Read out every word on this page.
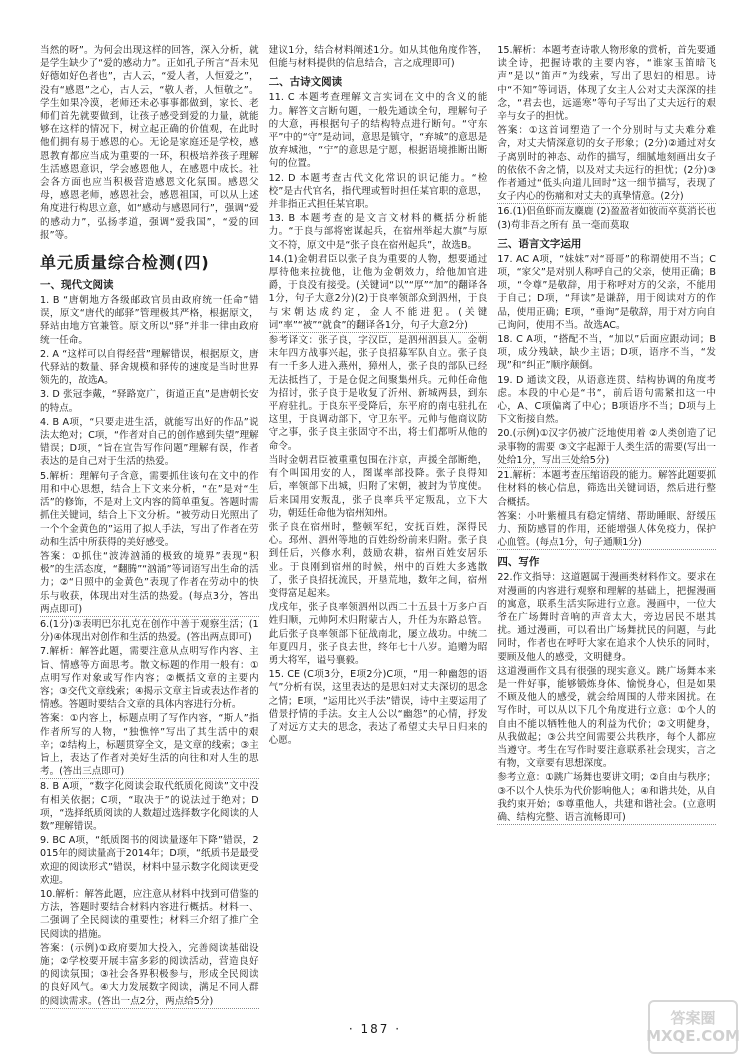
当然的呀”。为何会出现这样的回答，深入分析，就是学生缺少了“爱的感动力”。正如孔子所言“吾未见好德如好色者也”，古人云，“爱人者，人恒爱之”，没有“感恩”之心，古人云，“敬人者，人恒敬之”。学生如果冷漠，老师还未必事事都做到，家长、老师们首先就要做到，让孩子感受到爱的力量，就能够在这样的情况下，树立起正确的价值观，在此时他们拥有易于感恩的心。无论是家庭还是学校，感恩教育都应当成为重要的一环，积极培养孩子理解生活感恩意识，学会感恩他人，在感恩中成长。社会各方面也应当积极营造感恩文化氛围。感恩父母，感恩老师，感恩社会，感恩祖国，可以从上述角度进行构思立意，如“感动与感恩同行”，强调“爱的感动力”，弘扬孝道，强调“爱我国”，“爱的回报”等。

单元质量综合检测(四)
一、现代文阅读

1. B “唐朝地方各级邮政官员由政府统一任命”错误，原文“唐代的邮驿”管理极其严格，根据原文，驿站由地方官兼管。原文所以“驿”并非一律由政府统一任命。

2. A “这样可以自得经营”理解错误，根据原文，唐代驿站的数量、驿舍规模和驿传的速度是当时世界领先的，故选A。

3. D 张冠李戴，“驿路宽广，街道正直”是唐朝长安的特点。

4. B A项，“只要走进生活，就能写出好的作品”说法太绝对；C项，“作者对自己的创作感到失望”理解错误；D项，“旨在宣告写作问题”理解有误，作者表达的是自己对于生活的热爱。

5.解析：理解句子含意，需要抓住该句在文中的作用和中心思想，结合上下文来分析，“在”是对“生活”的修饰，不是对上文内容的简单重复。答题时需抓住关键词，结合上下文分析。“被劳动日光照出了一个个金黄色的”运用了拟人手法，写出了作者在劳动和生活中所获得的美好感受。

答案：①抓住“波涛汹涌的极致的境界”表现“积极”的生活态度，“翻腾”“汹涌”等词语写出生命的活力；②“日照中的金黄色”表现了作者在劳动中的快乐与收获，体现出对生活的热爱。(每点3分，答出两点即可)

6.(1分)③表明巴尔扎克在创作中善于观察生活；(1分)④体现出对创作和生活的热爱。(答出两点即可)

7.解析：解答此题，需要注意从点明写作内容、主旨、情感等方面思考。散文标题的作用一般有：①点明写作对象或写作内容；②概括文章的主要内容；③交代文章线索；④揭示文章主旨或表达作者的情感。答题时要结合文章的具体内容进行分析。

答案：①内容上，标题点明了写作内容，“斯人”指作者所写的人物，“独憔悴”写出了其生活中的艰辛；②结构上，标题贯穿全文，是文章的线索；③主旨上，表达了作者对美好生活的向往和对人生的思考。(答出三点即可)

8. B A项，“数字化阅读会取代纸质化阅读”文中没有相关依据；C项，“取决于”的说法过于绝对；D项，“选择纸质阅读的人数超过选择数字化阅读的人数”理解错误。

9. BC A项，“纸质图书的阅读量逐年下降”错误，2015年的阅读量高于2014年；D项，“纸质书是最受欢迎的阅读形式”错误，材料中显示数字化阅读更受欢迎。

10.解析：解答此题，应注意从材料中找到可借鉴的方法，答题时要结合材料内容进行概括。材料一、二强调了全民阅读的重要性；材料三介绍了推广全民阅读的措施。

答案：(示例)①政府要加大投入，完善阅读基础设施；②学校要开展丰富多彩的阅读活动，营造良好的阅读氛围；③社会各界积极参与，形成全民阅读的良好风气。④大力发展数字阅读，满足不同人群的阅读需求。(答出一点2分，两点给5分)

建议1分，结合材料阐述1分。如从其他角度作答，但能与材料提供的信息结合，言之成理即可)

二、古诗文阅读

11. C 本题考查理解文言实词在文中的含义的能力。解答文言断句题，一般先通读全句，理解句子的大意，再根据句子的结构特点进行断句。“守东平”中的“守”是动词，意思是镇守，“弃城”的意思是放弃城池，“宁”的意思是宁愿，根据语境推断出断句的位置。

12. D 本题考查古代文化常识的识记能力。“检校”是古代官名，指代理或暂时担任某官职的意思，并非指正式担任某官职。

13. B 本题考查的是文言文材料的概括分析能力。“于良与部将密谋起兵，在宿州举起大旗”与原文不符，原文中是“张子良在宿州起兵”，故选B。

14.(1)金朝君臣以张子良为重要的人物，想要通过厚待他来拉拢他，让他为金朝效力，给他加官进爵，于良没有接受。(关键词“以”“厚”“加”的翻译各1分，句子大意2分)(2)于良率领部众到泗州，于良与宋朝达成约定，金人不能进犯。(关键词“率”“被”“就食”的翻译各1分，句子大意2分)

参考译文：张子良，字汉臣，是泗州泗县人。金朝末年四方战事兴起，张子良招募军队自立。张子良有一千多人进入燕州，獐州人，张子良的部队已经无法抵挡了，于是仓促之间聚集州兵。元帅任命他为招讨，张子良于是收复了沂州、新城两县，到东平府驻扎。于良东平受降后，东平府的南屯驻扎在这里，于良调动部下，守卫东平。元帅与他商议防守之事，张子良主张固守不出，将士们都听从他的命令。

当时金朝君臣被重重包围在汴京，声援全部断绝，有个叫国用安的人，图谋率部投降。张子良得知后，率领部下出城，归附了宋朝，被封为节度使。后来国用安叛乱，张子良率兵平定叛乱，立下大功，朝廷任命他为宿州知州。

张子良在宿州时，整顿军纪，安抚百姓，深得民心。邳州、泗州等地的百姓纷纷前来归附。张子良到任后，兴修水利，鼓励农耕，宿州百姓安居乐业。于良刚到宿州的时候，州中的百姓大多逃散了，张子良招抚流民，开垦荒地，数年之间，宿州变得富足起来。

戊戌年，张子良率领泗州以西二十五县十万多户百姓归顺，元帅阿术归附蒙古人，升任为东路总管。此后张子良率领部下征战南北，屡立战功。中统二年夏四月，张子良去世，终年七十八岁。追赠为昭勇大将军，谥号襄毅。

15. CE (C项3分，E项2分)C项，“用一种幽怨的语气”分析有误，这里表达的是思妇对丈夫深切的思念之情；E项，“运用比兴手法”错误，诗中主要运用了借景抒情的手法。女主人公以“幽怨”的心情，抒发了对远方丈夫的思念，表达了希望丈夫早日归来的心愿。

15.解析：本题考查诗歌人物形象的赏析，首先要通读全诗，把握诗歌的主要内容，“谁家玉笛暗飞声”是以“笛声”为线索，写出了思妇的相思。诗中“不知”等词语，体现了女主人公对丈夫深深的挂念，“君去也，远遥寒”等句子写出了丈夫远行的艰辛与女子的担忧。

答案：①这首词塑造了一个分别时与丈夫难分难舍，对丈夫情深意切的女子形象；(2分)②通过对女子离别时的神态、动作的描写，细腻地刻画出女子的依依不舍之情，以及对丈夫远行的担忧；(2分)③作者通过“低头向道儿回时”这一细节描写，表现了女子内心的伤痛和对丈夫的真挚情意。(2分)

16.(1)侣鱼虾而友麋鹿 (2)盈盈者如彼而卒莫消长也 (3)苟非吾之所有 虽一毫而莫取

三、语言文字运用

17. AC A项，“妹妹”对“哥哥”的称谓使用不当；C项，“家父”是对别人称呼自己的父亲，使用正确；B项，“令尊”是敬辞，用于称呼对方的父亲，不能用于自己；D项，“拜读”是谦辞，用于阅读对方的作品，使用正确；E项，“垂询”是敬辞，用于对方向自己询问，使用不当。故选AC。

18. C A项，“搭配不当，“加以”后面应跟动词；B项，成分残缺，缺少主语；D项，语序不当，“发现”和“纠正”顺序颠倒。

19. D 通读文段，从语意连贯、结构协调的角度考虑。本段的中心是“书”，前后语句需紧扣这一中心，A、C项偏离了中心；B项语序不当；D项与上下文衔接自然。

20.(示例)①汉字仍被广泛地使用着 ②人类创造了记录事物的需要 ③文字起源于人类生活的需要(写出一处给1分，写出三处给5分)

21.解析：本题考查压缩语段的能力。解答此题要抓住材料的核心信息，筛选出关键词语，然后进行整合概括。

答案：小叶紫檀具有稳定情绪、帮助睡眠、舒缓压力、预防感冒的作用，还能增强人体免疫力，保护心血管。(每点1分，句子通顺1分)

四、写作

22.作文指导：这道题属于漫画类材料作文。要求在对漫画的内容进行观察和理解的基础上，把握漫画的寓意，联系生活实际进行立意。漫画中，一位大爷在广场舞时音响的声音太大，旁边居民不堪其扰。通过漫画，可以看出广场舞扰民的问题，与此同时，作者也在呼吁大家在追求个人快乐的同时，要顾及他人的感受，文明健身。

这道漫画作文具有很强的现实意义。跳广场舞本来是一件好事，能够锻炼身体、愉悦身心，但是如果不顾及他人的感受，就会给周围的人带来困扰。在写作时，可以从以下几个角度进行立意：①个人的自由不能以牺牲他人的利益为代价；②文明健身，从我做起；③公共空间需要公共秩序，每个人都应当遵守。考生在写作时要注意联系社会现实，言之有物，文章要有思想深度。

参考立意：①跳广场舞也要讲文明；②自由与秩序；③不以个人快乐为代价影响他人；④和谐共处，从自我约束开始；⑤尊重他人，共建和谐社会。(立意明确、结构完整、语言流畅即可)

· 187 ·
答案圈
MXQE.COM
